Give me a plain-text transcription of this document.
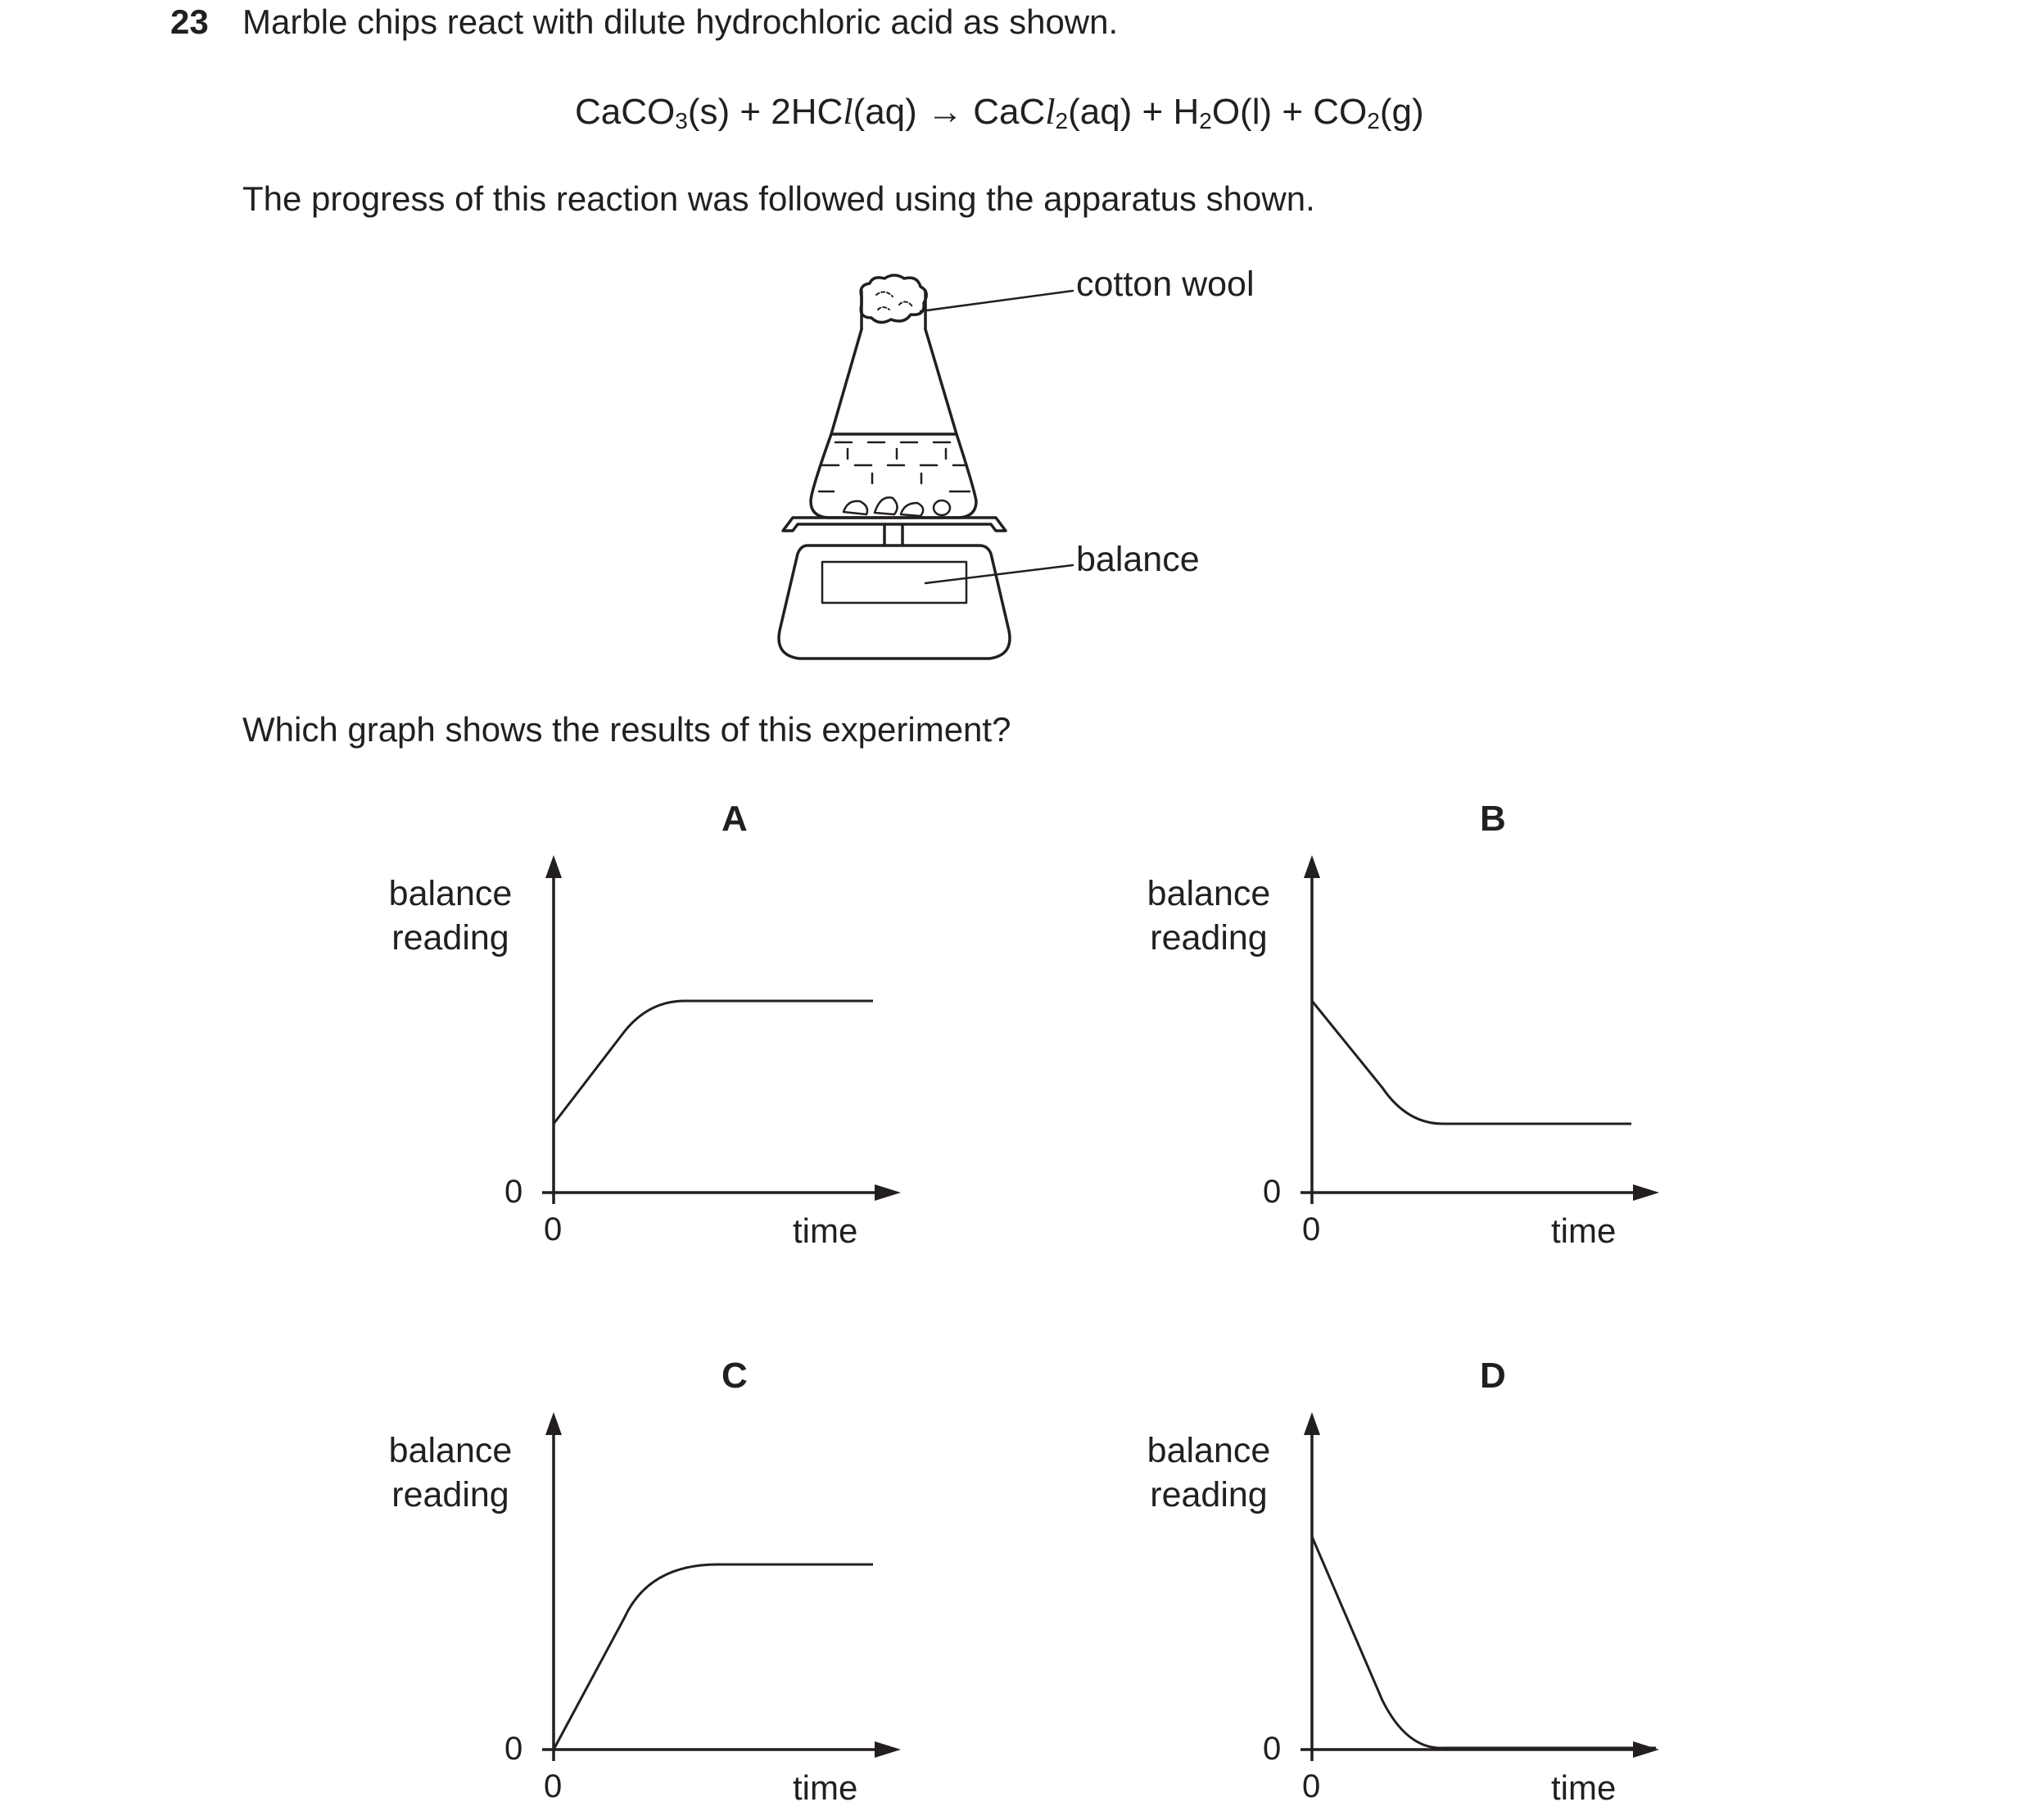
23 Marble chips react with dilute hydrochloric acid as shown.
CaCO$_3$(s) + 2HCl(aq) → CaCl$_2$(aq) + $H_2O(l) + CO_2(g)$
The progress of this reaction was followed using the apparatus shown.
cotton wool
balance
Which graph shows the results of this experiment?
A
balance
reading
0
0	time
B
balance
reading
0
0	time
C
balance
reading
0
0	time
D
balance
reading
0
0	time
